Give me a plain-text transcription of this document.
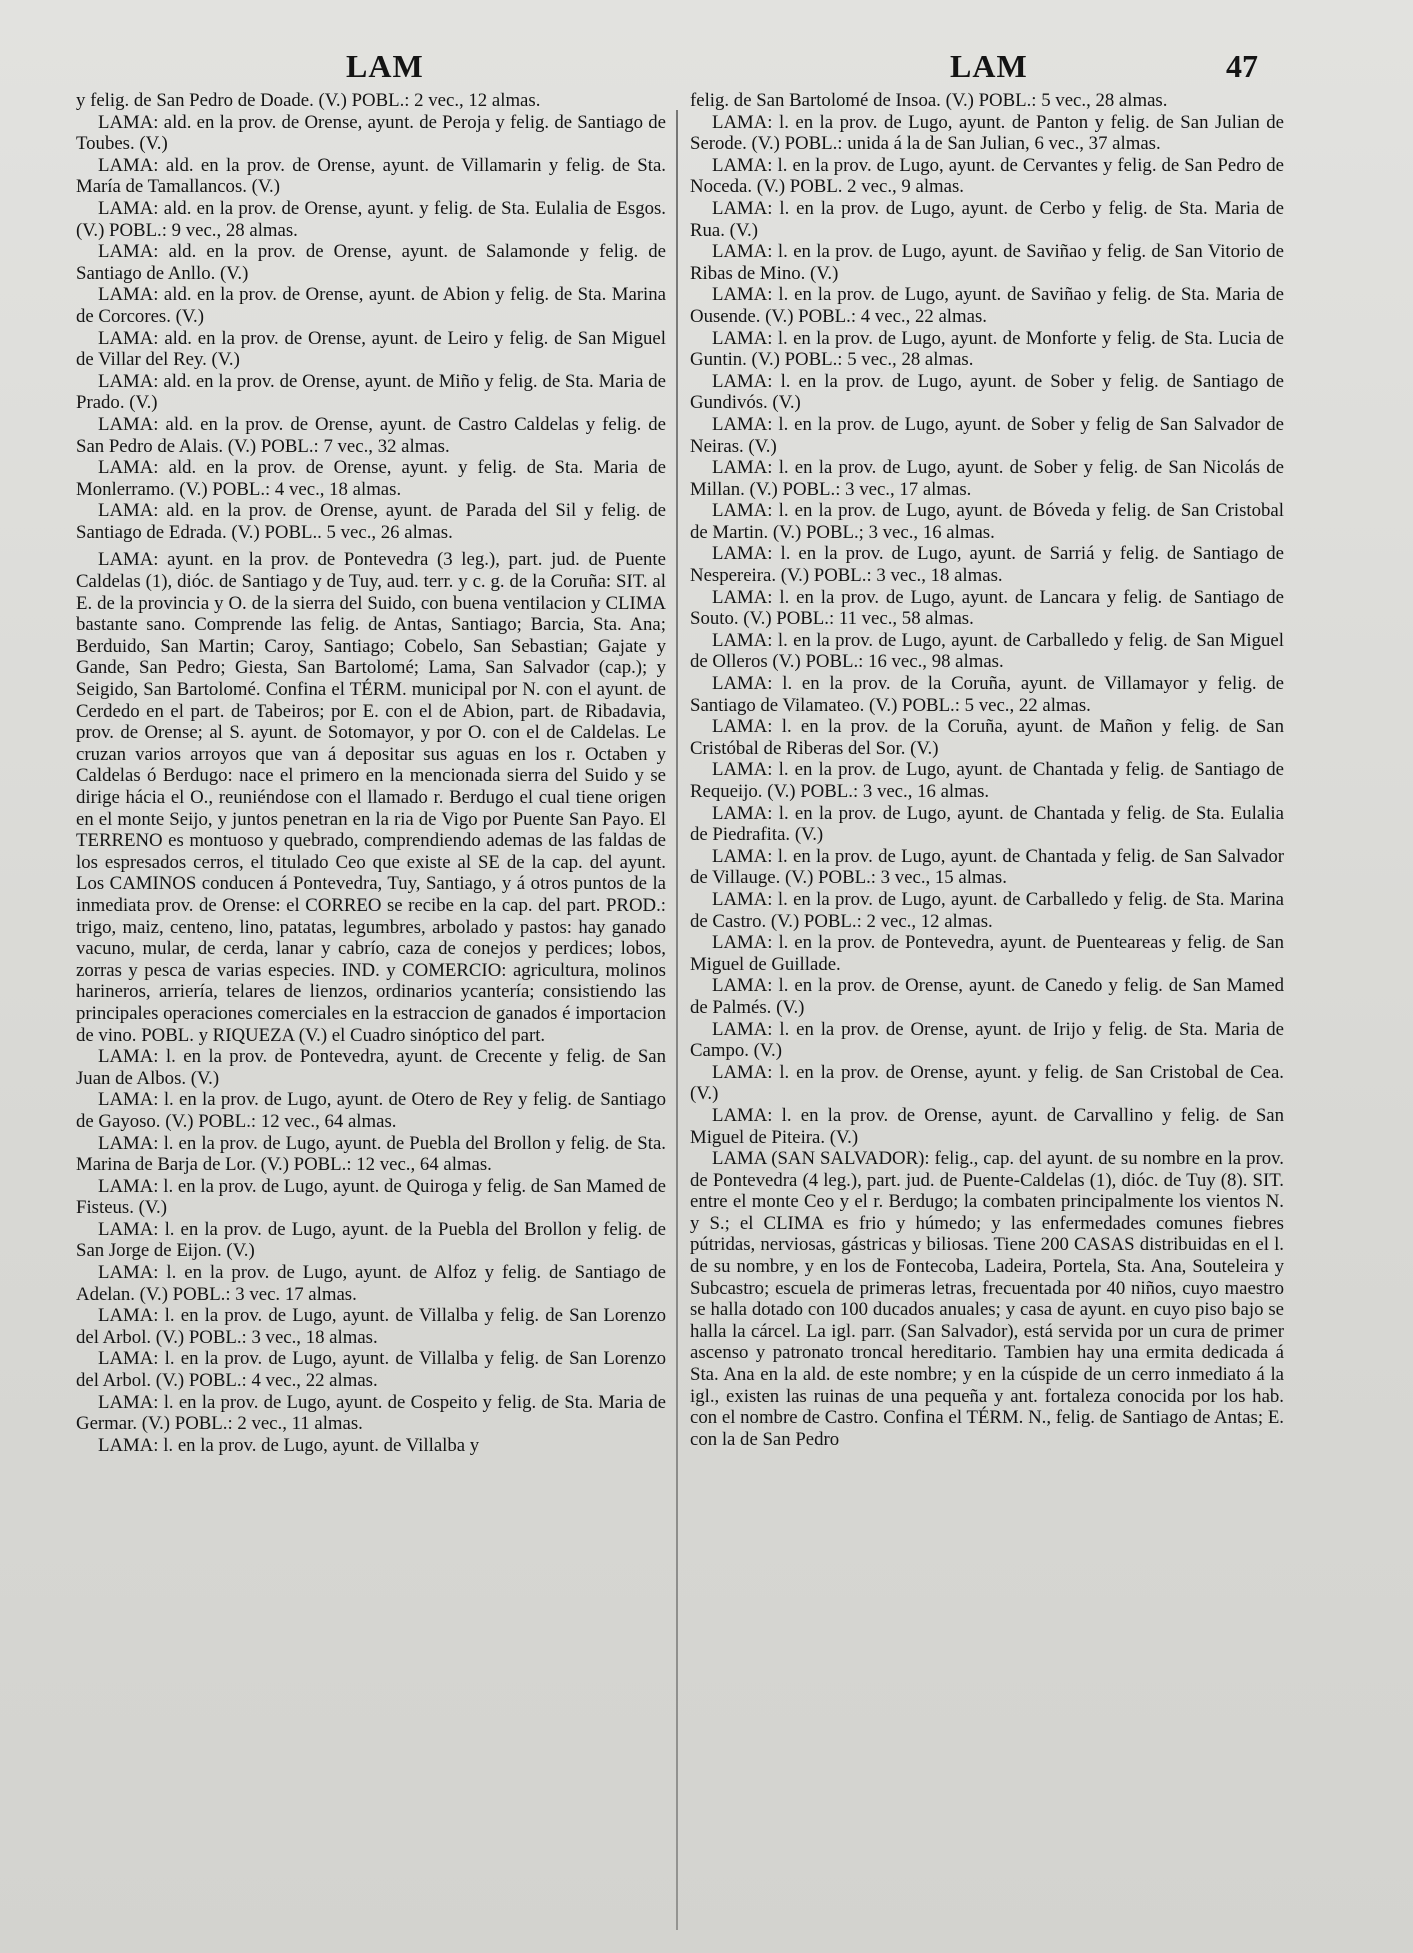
LAM	LAM	47

y felig. de San Pedro de Doade. (V.) POBL.: 2 vec., 12 almas.

LAMA: ald. en la prov. de Orense, ayunt. de Peroja y felig. de Santiago de Toubes. (V.)

LAMA: ald. en la prov. de Orense, ayunt. de Villamarin y felig. de Sta. María de Tamallancos. (V.)

LAMA: ald. en la prov. de Orense, ayunt. y felig. de Sta. Eulalia de Esgos. (V.) POBL.: 9 vec., 28 almas.

LAMA: ald. en la prov. de Orense, ayunt. de Salamonde y felig. de Santiago de Anllo. (V.)

LAMA: ald. en la prov. de Orense, ayunt. de Abion y felig. de Sta. Marina de Corcores. (V.)

LAMA: ald. en la prov. de Orense, ayunt. de Leiro y felig. de San Miguel de Villar del Rey. (V.)

LAMA: ald. en la prov. de Orense, ayunt. de Miño y felig. de Sta. Maria de Prado. (V.)

LAMA: ald. en la prov. de Orense, ayunt. de Castro Caldelas y felig. de San Pedro de Alais. (V.) POBL.: 7 vec., 32 almas.

LAMA: ald. en la prov. de Orense, ayunt. y felig. de Sta. Maria de Monlerramo. (V.) POBL.: 4 vec., 18 almas.

LAMA: ald. en la prov. de Orense, ayunt. de Parada del Sil y felig. de Santiago de Edrada. (V.) POBL.. 5 vec., 26 almas.

LAMA: ayunt. en la prov. de Pontevedra (3 leg.), part. jud. de Puente Caldelas (1), dióc. de Santiago y de Tuy, aud. terr. y c. g. de la Coruña: SIT. al E. de la provincia y O. de la sierra del Suido, con buena ventilacion y CLIMA bastante sano. Comprende las felig. de Antas, Santiago; Barcia, Sta. Ana; Berduido, San Martin; Caroy, Santiago; Cobelo, San Sebastian; Gajate y Gande, San Pedro; Giesta, San Bartolomé; Lama, San Salvador (cap.); y Seigido, San Bartolomé. Confina el TÉRM. municipal por N. con el ayunt. de Cerdedo en el part. de Tabeiros; por E. con el de Abion, part. de Ribadavia, prov. de Orense; al S. ayunt. de Sotomayor, y por O. con el de Caldelas. Le cruzan varios arroyos que van á depositar sus aguas en los r. Octaben y Caldelas ó Berdugo: nace el primero en la mencionada sierra del Suido y se dirige hácia el O., reuniéndose con el llamado r. Berdugo el cual tiene origen en el monte Seijo, y juntos penetran en la ria de Vigo por Puente San Payo. El TERRENO es montuoso y quebrado, comprendiendo ademas de las faldas de los espresados cerros, el titulado Ceo que existe al SE de la cap. del ayunt. Los CAMINOS conducen á Pontevedra, Tuy, Santiago, y á otros puntos de la inmediata prov. de Orense: el CORREO se recibe en la cap. del part. PROD.: trigo, maiz, centeno, lino, patatas, legumbres, arbolado y pastos: hay ganado vacuno, mular, de cerda, lanar y cabrío, caza de conejos y perdices; lobos, zorras y pesca de varias especies. IND. y COMERCIO: agricultura, molinos harineros, arriería, telares de lienzos, ordinarios ycantería; consistiendo las principales operaciones comerciales en la estraccion de ganados é importacion de vino. POBL. y RIQUEZA (V.) el Cuadro sinóptico del part.

LAMA: l. en la prov. de Pontevedra, ayunt. de Crecente y felig. de San Juan de Albos. (V.)

LAMA: l. en la prov. de Lugo, ayunt. de Otero de Rey y felig. de Santiago de Gayoso. (V.) POBL.: 12 vec., 64 almas.

LAMA: l. en la prov. de Lugo, ayunt. de Puebla del Brollon y felig. de Sta. Marina de Barja de Lor. (V.) POBL.: 12 vec., 64 almas.

LAMA: l. en la prov. de Lugo, ayunt. de Quiroga y felig. de San Mamed de Fisteus. (V.)

LAMA: l. en la prov. de Lugo, ayunt. de la Puebla del Brollon y felig. de San Jorge de Eijon. (V.)

LAMA: l. en la prov. de Lugo, ayunt. de Alfoz y felig. de Santiago de Adelan. (V.) POBL.: 3 vec. 17 almas.

LAMA: l. en la prov. de Lugo, ayunt. de Villalba y felig. de San Lorenzo del Arbol. (V.) POBL.: 3 vec., 18 almas.

LAMA: l. en la prov. de Lugo, ayunt. de Villalba y felig. de San Lorenzo del Arbol. (V.) POBL.: 4 vec., 22 almas.

LAMA: l. en la prov. de Lugo, ayunt. de Cospeito y felig. de Sta. Maria de Germar. (V.) POBL.: 2 vec., 11 almas.

LAMA: l. en la prov. de Lugo, ayunt. de Villalba y

felig. de San Bartolomé de Insoa. (V.) POBL.: 5 vec., 28 almas.

LAMA: l. en la prov. de Lugo, ayunt. de Panton y felig. de San Julian de Serode. (V.) POBL.: unida á la de San Julian, 6 vec., 37 almas.

LAMA: l. en la prov. de Lugo, ayunt. de Cervantes y felig. de San Pedro de Noceda. (V.) POBL. 2 vec., 9 almas.

LAMA: l. en la prov. de Lugo, ayunt. de Cerbo y felig. de Sta. Maria de Rua. (V.)

LAMA: l. en la prov. de Lugo, ayunt. de Saviñao y felig. de San Vitorio de Ribas de Mino. (V.)

LAMA: l. en la prov. de Lugo, ayunt. de Saviñao y felig. de Sta. Maria de Ousende. (V.) POBL.: 4 vec., 22 almas.

LAMA: l. en la prov. de Lugo, ayunt. de Monforte y felig. de Sta. Lucia de Guntin. (V.) POBL.: 5 vec., 28 almas.

LAMA: l. en la prov. de Lugo, ayunt. de Sober y felig. de Santiago de Gundivós. (V.)

LAMA: l. en la prov. de Lugo, ayunt. de Sober y felig de San Salvador de Neiras. (V.)

LAMA: l. en la prov. de Lugo, ayunt. de Sober y felig. de San Nicolás de Millan. (V.) POBL.: 3 vec., 17 almas.

LAMA: l. en la prov. de Lugo, ayunt. de Bóveda y felig. de San Cristobal de Martin. (V.) POBL.; 3 vec., 16 almas.

LAMA: l. en la prov. de Lugo, ayunt. de Sarriá y felig. de Santiago de Nespereira. (V.) POBL.: 3 vec., 18 almas.

LAMA: l. en la prov. de Lugo, ayunt. de Lancara y felig. de Santiago de Souto. (V.) POBL.: 11 vec., 58 almas.

LAMA: l. en la prov. de Lugo, ayunt. de Carballedo y felig. de San Miguel de Olleros (V.) POBL.: 16 vec., 98 almas.

LAMA: l. en la prov. de la Coruña, ayunt. de Villamayor y felig. de Santiago de Vilamateo. (V.) POBL.: 5 vec., 22 almas.

LAMA: l. en la prov. de la Coruña, ayunt. de Mañon y felig. de San Cristóbal de Riberas del Sor. (V.)

LAMA: l. en la prov. de Lugo, ayunt. de Chantada y felig. de Santiago de Requeijo. (V.) POBL.: 3 vec., 16 almas.

LAMA: l. en la prov. de Lugo, ayunt. de Chantada y felig. de Sta. Eulalia de Piedrafita. (V.)

LAMA: l. en la prov. de Lugo, ayunt. de Chantada y felig. de San Salvador de Villauge. (V.) POBL.: 3 vec., 15 almas.

LAMA: l. en la prov. de Lugo, ayunt. de Carballedo y felig. de Sta. Marina de Castro. (V.) POBL.: 2 vec., 12 almas.

LAMA: l. en la prov. de Pontevedra, ayunt. de Puenteareas y felig. de San Miguel de Guillade.

LAMA: l. en la prov. de Orense, ayunt. de Canedo y felig. de San Mamed de Palmés. (V.)

LAMA: l. en la prov. de Orense, ayunt. de Irijo y felig. de Sta. Maria de Campo. (V.)

LAMA: l. en la prov. de Orense, ayunt. y felig. de San Cristobal de Cea. (V.)

LAMA: l. en la prov. de Orense, ayunt. de Carvallino y felig. de San Miguel de Piteira. (V.)

LAMA (SAN SALVADOR): felig., cap. del ayunt. de su nombre en la prov. de Pontevedra (4 leg.), part. jud. de Puente-Caldelas (1), dióc. de Tuy (8). SIT. entre el monte Ceo y el r. Berdugo; la combaten principalmente los vientos N. y S.; el CLIMA es frio y húmedo; y las enfermedades comunes fiebres pútridas, nerviosas, gástricas y biliosas. Tiene 200 CASAS distribuidas en el l. de su nombre, y en los de Fontecoba, Ladeira, Portela, Sta. Ana, Souteleira y Subcastro; escuela de primeras letras, frecuentada por 40 niños, cuyo maestro se halla dotado con 100 ducados anuales; y casa de ayunt. en cuyo piso bajo se halla la cárcel. La igl. parr. (San Salvador), está servida por un cura de primer ascenso y patronato troncal hereditario. Tambien hay una ermita dedicada á Sta. Ana en la ald. de este nombre; y en la cúspide de un cerro inmediato á la igl., existen las ruinas de una pequeña y ant. fortaleza conocida por los hab. con el nombre de Castro. Confina el TÉRM. N., felig. de Santiago de Antas; E. con la de San Pedro
